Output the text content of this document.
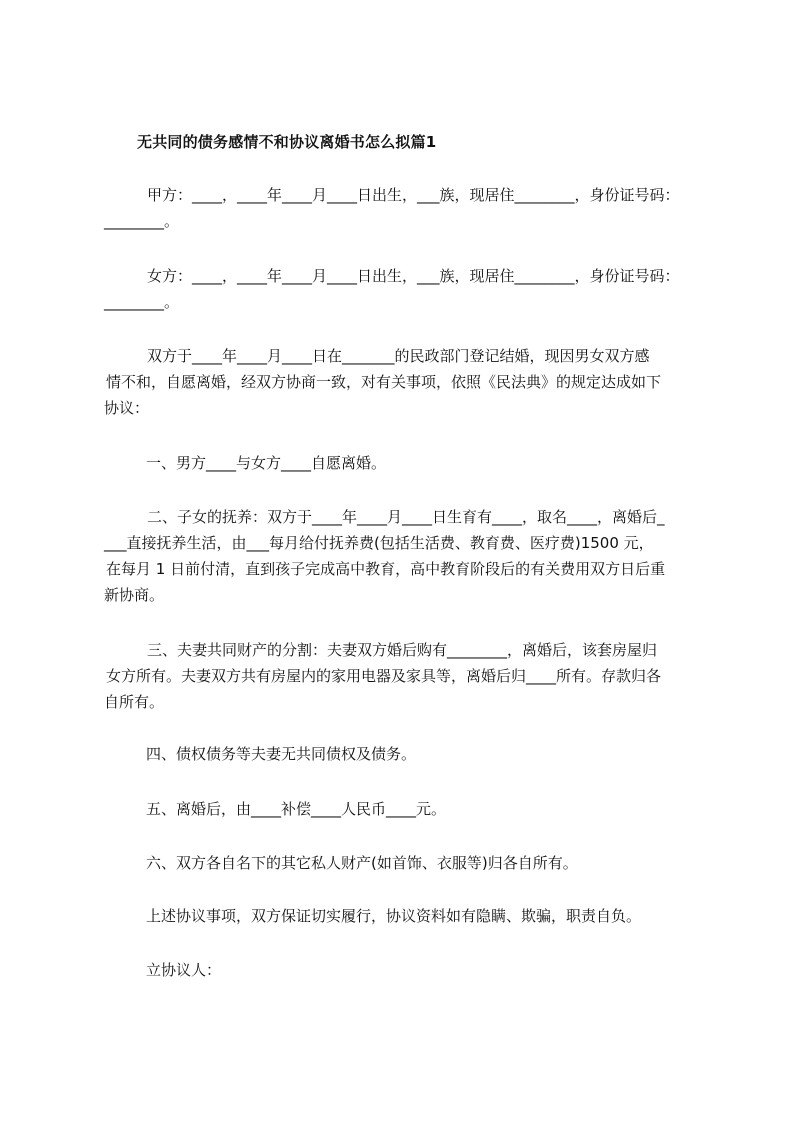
无共同的债务感情不和协议离婚书怎么拟篇1
甲方：____，____年____月____日出生，___族，现居住________，身份证号码：
________。
女方：____，____年____月____日出生，___族，现居住________，身份证号码：
________。
双方于____年____月____日在_______的民政部门登记结婚，现因男女双方感
情不和，自愿离婚，经双方协商一致，对有关事项，依照《民法典》的规定达成如下
协议：
一、男方____与女方____自愿离婚。
二、子女的抚养：双方于____年____月____日生育有____，取名____，离婚后_
___直接抚养生活，由___每月给付抚养费(包括生活费、教育费、医疗费)1500 元，
在每月 1 日前付清，直到孩子完成高中教育，高中教育阶段后的有关费用双方日后重
新协商。
三、夫妻共同财产的分割：夫妻双方婚后购有________，离婚后，该套房屋归
女方所有。夫妻双方共有房屋内的家用电器及家具等，离婚后归____所有。存款归各
自所有。
四、债权债务等夫妻无共同债权及债务。
五、离婚后，由____补偿____人民币____元。
六、双方各自名下的其它私人财产(如首饰、衣服等)归各自所有。
上述协议事项，双方保证切实履行，协议资料如有隐瞒、欺骗，职责自负。
立协议人：
